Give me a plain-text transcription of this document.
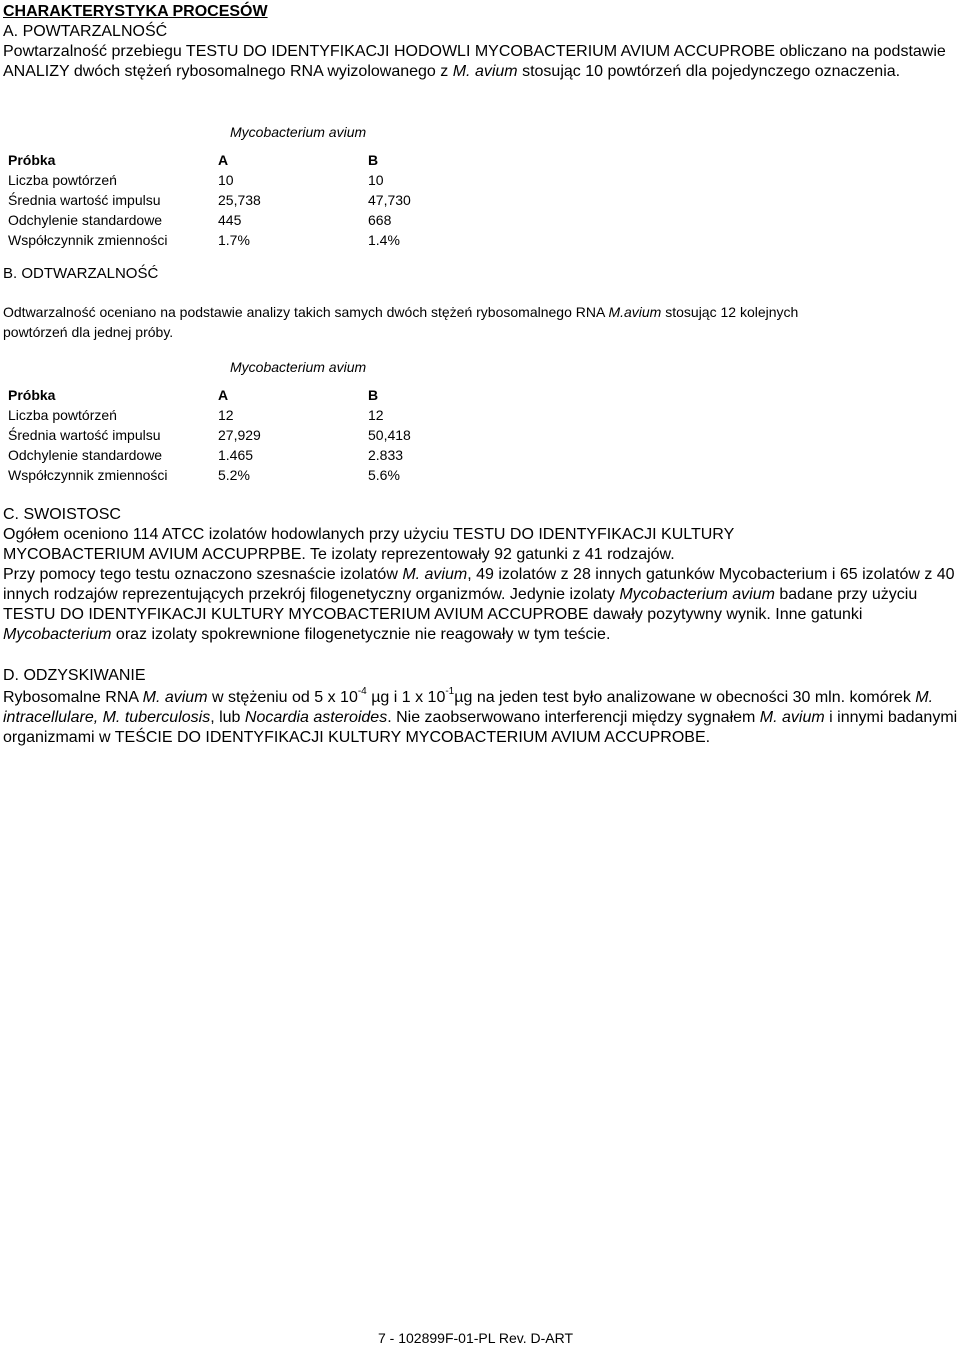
CHARAKTERYSTYKA PROCESÓW
A. POWTARZALNOŚĆ

Powtarzalność przebiegu TESTU DO IDENTYFIKACJI HODOWLI MYCOBACTERIUM AVIUM ACCUPROBE obliczano na podstawie ANALIZY dwóch stężeń rybosomalnego RNA wyizolowanego z M. avium stosując 10 powtórzeń dla pojedynczego oznaczenia.

Mycobacterium avium
Próbka	A	B
Liczba powtórzeń	10	10
Średnia wartość impulsu	25,738	47,730
Odchylenie standardowe	445	668
Współczynnik zmienności	1.7%	1.4%
B. ODTWARZALNOŚĆ

Odtwarzalność oceniano na podstawie analizy takich samych dwóch stężeń rybosomalnego RNA M.avium stosując 12 kolejnych powtórzeń dla jednej próby.

Mycobacterium avium
Próbka	A	B
Liczba powtórzeń	12	12
Średnia wartość impulsu	27,929	50,418
Odchylenie standardowe	1.465	2.833
Współczynnik zmienności	5.2%	5.6%
C. SWOISTOSC

Ogółem oceniono 114 ATCC izolatów hodowlanych przy użyciu TESTU DO IDENTYFIKACJI KULTURY MYCOBACTERIUM AVIUM ACCUPRPBE. Te izolaty reprezentowały 92 gatunki z 41 rodzajów.

Przy pomocy tego testu oznaczono szesnaście izolatów M. avium, 49 izolatów z 28 innych gatunków Mycobacterium i 65 izolatów z 40 innych rodzajów reprezentujących przekrój filogenetyczny organizmów. Jedynie izolaty Mycobacterium avium badane przy użyciu TESTU DO IDENTYFIKACJI KULTURY MYCOBACTERIUM AVIUM ACCUPROBE dawały pozytywny wynik. Inne gatunki Mycobacterium oraz izolaty spokrewnione filogenetycznie nie reagowały w tym teście.

D. ODZYSKIWANIE

Rybosomalne RNA M. avium w stężeniu od 5 x $10^{-4}$ µg i 1 x $10^{-1}\mu g$ na jeden test było analizowane w obecności 30 mln. komórek M. intracellulare, M. tuberculosis, lub Nocardia asteroides. Nie zaobserwowano interferencji między sygnałem M. avium i innymi badanymi organizmami w TEŚCIE DO IDENTYFIKACJI KULTURY MYCOBACTERIUM AVIUM ACCUPROBE.

7 - 102899F-01-PL Rev. D-ART
